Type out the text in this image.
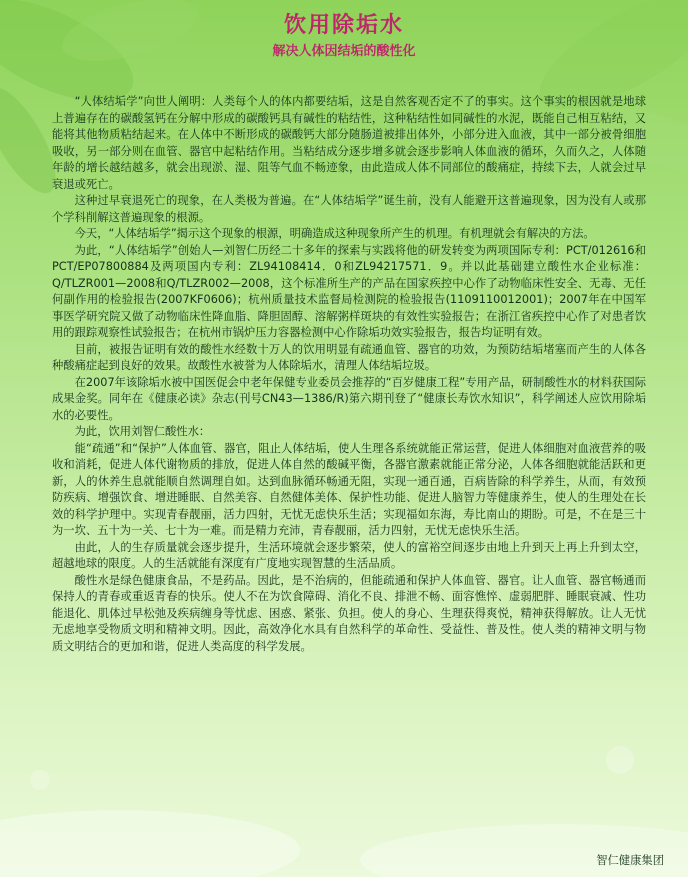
饮用除垢水
解决人体因结垢的酸性化

“人体结垢学”向世人阐明：人类每个人的体内都要结垢，这是自然客观否定不了的事实。这个事实的根因就是地球上普遍存在的碳酸氢钙在分解中形成的碳酸钙具有碱性的粘结性，这种粘结性如同碱性的水泥，既能自己相互粘结，又能将其他物质粘结起来。在人体中不断形成的碳酸钙大部分随肠道被排出体外，小部分进入血液，其中一部分被骨细胞吸收，另一部分则在血管、器官中起粘结作用。当粘结成分逐步增多就会逐步影响人体血液的循环，久而久之，人体随年龄的增长越结越多，就会出现淤、湿、阻等气血不畅迹象，由此造成人体不同部位的酸痛症，持续下去，人就会过早衰退或死亡。

这种过早衰退死亡的现象，在人类极为普遍。在“人体结垢学”诞生前，没有人能避开这普遍现象，因为没有人或那个学科削解这普遍现象的根源。

今天，“人体结垢学”揭示这个现象的根源，明确造成这种现象所产生的机理。有机理就会有解决的方法。

为此，“人体结垢学”创始人—刘智仁历经二十多年的探索与实践将他的研发转变为两项国际专利：PCT/012616和 PCT/EP07800884及两项国内专利：ZL94108414．0和ZL94217571．9。并以此基础建立酸性水企业标准：Q/TLZR001—2008和Q/TLZR002—2008，这个标准所生产的产品在国家疾控中心作了动物临床性安全、无毒、无任何副作用的检验报告(2007KF0606)；杭州质量技术监督局检测院的检验报告(1109110012001)；2007年在中国军事医学研究院又做了动物临床性降血脂、降胆固醇、溶解粥样斑块的有效性实验报告；在浙江省疾控中心作了对患者饮用的跟踪观察性试验报告；在杭州市锅炉压力容器检测中心作除垢功效实验报告，报告均证明有效。

目前，被报告证明有效的酸性水经数十万人的饮用明显有疏通血管、器官的功效，为预防结垢堵塞而产生的人体各种酸痛症起到良好的效果。故酸性水被誉为人体除垢水，清理人体结垢垃圾。

在2007年该除垢水被中国医促会中老年保健专业委员会推荐的“百岁健康工程”专用产品，研制酸性水的材料获国际成果金奖。同年在《健康必读》杂志(刊号CN43—1386/R)第六期刊登了“健康长寿饮水知识”，科学阐述人应饮用除垢水的必要性。

为此，饮用刘智仁酸性水：

能“疏通”和“保护”人体血管、器官，阻止人体结垢，使人生理各系统就能正常运营，促进人体细胞对血液营养的吸收和消耗，促进人体代谢物质的排放，促进人体自然的酸碱平衡，各器官激素就能正常分泌，人体各细胞就能活跃和更新，人的休养生息就能顺自然调理自如。达到血脉循环畅通无阻，实现一通百通，百病皆除的科学养生，从而，有效预防疾病、增强饮食、增进睡眠、自然美容、自然健体美体、保护性功能、促进人脑智力等健康养生，使人的生理处在长效的科学护理中。实现青春靓丽，活力四射，无忧无虑快乐生活；实现福如东海，寿比南山的期盼。可是，不在是三十为一坎、五十为一关、七十为一难。而是精力充沛，青春靓丽，活力四射，无忧无虑快乐生活。

由此，人的生存质量就会逐步提升，生活环境就会逐步繁荣，使人的富裕空间逐步由地上升到天上再上升到太空，超越地球的限度。人的生活就能有深度有广度地实现智慧的生活品质。

酸性水是绿色健康食品，不是药品。因此，是不治病的，但能疏通和保护人体血管、器官。让人血管、器官畅通而保持人的青春或重返青春的快乐。使人不在为饮食障碍、消化不良、排泄不畅、面容憔悴、虚弱肥胖、睡眠衰减、性功能退化、肌体过早松弛及疾病缠身等忧虑、困惑、紧张、负担。使人的身心、生理获得爽悦，精神获得解放。让人无忧无虑地享受物质文明和精神文明。因此，高效净化水具有自然科学的革命性、受益性、普及性。使人类的精神文明与物质文明结合的更加和谐，促进人类高度的科学发展。

智仁健康集团
